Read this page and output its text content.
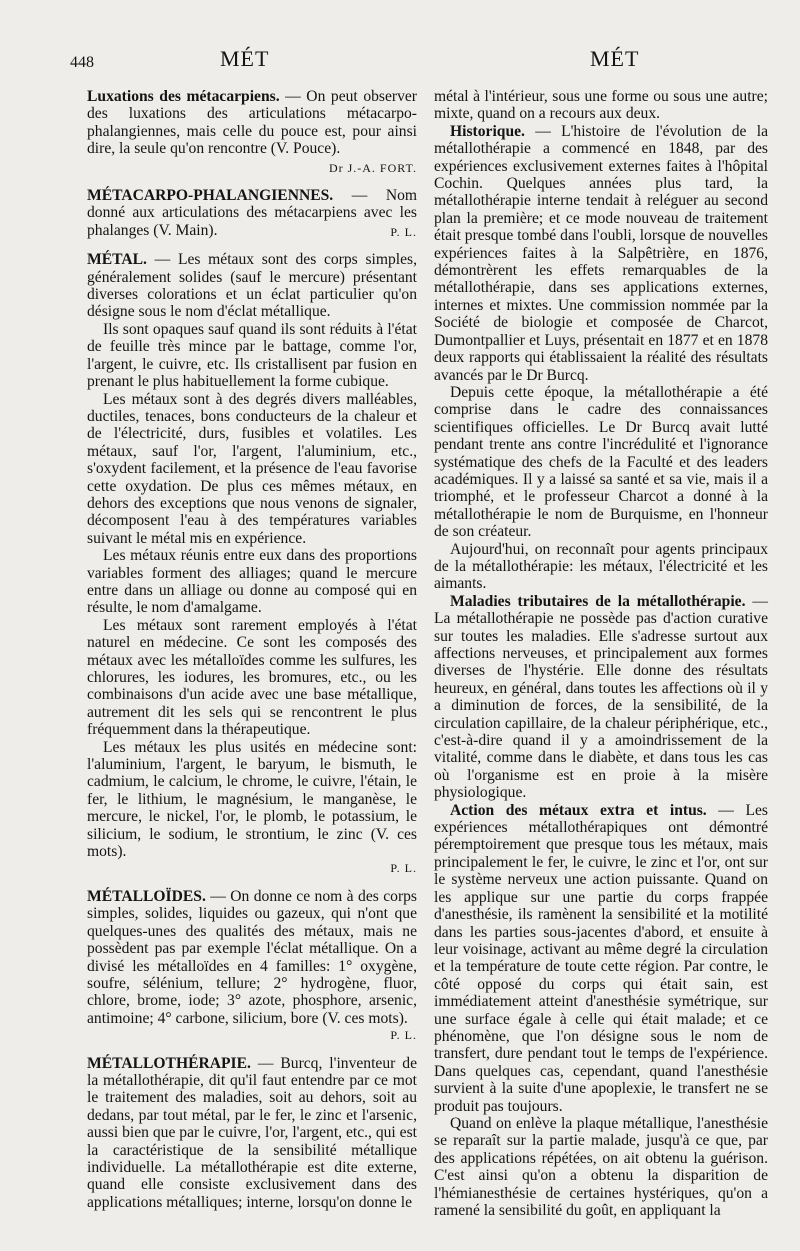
448	MÉT	MÉT

Luxations des métacarpiens. — On peut observer des luxations des articulations métacarpo-phalangiennes, mais celle du pouce est, pour ainsi dire, la seule qu'on rencontre (V. Pouce).
Dr J.-A. FORT.

MÉTACARPO-PHALANGIENNES. — Nom donné aux articulations des métacarpiens avec les phalanges (V. Main).	P. L.

MÉTAL. — Les métaux sont des corps simples, généralement solides (sauf le mercure) présentant diverses colorations et un éclat particulier qu'on désigne sous le nom d'éclat métallique.

Ils sont opaques sauf quand ils sont réduits à l'état de feuille très mince par le battage, comme l'or, l'argent, le cuivre, etc. Ils cristallisent par fusion en prenant le plus habituellement la forme cubique.

Les métaux sont à des degrés divers malléables, ductiles, tenaces, bons conducteurs de la chaleur et de l'électricité, durs, fusibles et volatiles. Les métaux, sauf l'or, l'argent, l'aluminium, etc., s'oxydent facilement, et la présence de l'eau favorise cette oxydation. De plus ces mêmes métaux, en dehors des exceptions que nous venons de signaler, décomposent l'eau à des températures variables suivant le métal mis en expérience.

Les métaux réunis entre eux dans des proportions variables forment des alliages; quand le mercure entre dans un alliage ou donne au composé qui en résulte, le nom d'amalgame.

Les métaux sont rarement employés à l'état naturel en médecine. Ce sont les composés des métaux avec les métalloïdes comme les sulfures, les chlorures, les iodures, les bromures, etc., ou les combinaisons d'un acide avec une base métallique, autrement dit les sels qui se rencontrent le plus fréquemment dans la thérapeutique.

Les métaux les plus usités en médecine sont: l'aluminium, l'argent, le baryum, le bismuth, le cadmium, le calcium, le chrome, le cuivre, l'étain, le fer, le lithium, le magnésium, le manganèse, le mercure, le nickel, l'or, le plomb, le potassium, le silicium, le sodium, le strontium, le zinc (V. ces mots).

P. L.

MÉTALLOÏDES. — On donne ce nom à des corps simples, solides, liquides ou gazeux, qui n'ont que quelques-unes des qualités des métaux, mais ne possèdent pas par exemple l'éclat métallique. On a divisé les métalloïdes en 4 familles: 1° oxygène, soufre, sélénium, tellure; 2° hydrogène, fluor, chlore, brome, iode; 3° azote, phosphore, arsenic, antimoine; 4° carbone, silicium, bore (V. ces mots).

P. L.

MÉTALLOTHÉRAPIE. — Burcq, l'inventeur de la métallothérapie, dit qu'il faut entendre par ce mot le traitement des maladies, soit au dehors, soit au dedans, par tout métal, par le fer, le zinc et l'arsenic, aussi bien que par le cuivre, l'or, l'argent, etc., qui est la caractéristique de la sensibilité métallique individuelle. La métallothérapie est dite externe, quand elle consiste exclusivement dans des applications métalliques; interne, lorsqu'on donne le

métal à l'intérieur, sous une forme ou sous une autre; mixte, quand on a recours aux deux.

Historique. — L'histoire de l'évolution de la métallothérapie a commencé en 1848, par des expériences exclusivement externes faites à l'hôpital Cochin. Quelques années plus tard, la métallothérapie interne tendait à reléguer au second plan la première; et ce mode nouveau de traitement était presque tombé dans l'oubli, lorsque de nouvelles expériences faites à la Salpêtrière, en 1876, démontrèrent les effets remarquables de la métallothérapie, dans ses applications externes, internes et mixtes. Une commission nommée par la Société de biologie et composée de Charcot, Dumontpallier et Luys, présentait en 1877 et en 1878 deux rapports qui établissaient la réalité des résultats avancés par le Dr Burcq.

Depuis cette époque, la métallothérapie a été comprise dans le cadre des connaissances scientifiques officielles. Le Dr Burcq avait lutté pendant trente ans contre l'incrédulité et l'ignorance systématique des chefs de la Faculté et des leaders académiques. Il y a laissé sa santé et sa vie, mais il a triomphé, et le professeur Charcot a donné à la métallothérapie le nom de Burquisme, en l'honneur de son créateur.

Aujourd'hui, on reconnaît pour agents principaux de la métallothérapie: les métaux, l'électricité et les aimants.

Maladies tributaires de la métallothérapie. — La métallothérapie ne possède pas d'action curative sur toutes les maladies. Elle s'adresse surtout aux affections nerveuses, et principalement aux formes diverses de l'hystérie. Elle donne des résultats heureux, en général, dans toutes les affections où il y a diminution de forces, de la sensibilité, de la circulation capillaire, de la chaleur périphérique, etc., c'est-à-dire quand il y a amoindrissement de la vitalité, comme dans le diabète, et dans tous les cas où l'organisme est en proie à la misère physiologique.

Action des métaux extra et intus. — Les expériences métallothérapiques ont démontré péremptoirement que presque tous les métaux, mais principalement le fer, le cuivre, le zinc et l'or, ont sur le système nerveux une action puissante. Quand on les applique sur une partie du corps frappée d'anesthésie, ils ramènent la sensibilité et la motilité dans les parties sous-jacentes d'abord, et ensuite à leur voisinage, activant au même degré la circulation et la température de toute cette région. Par contre, le côté opposé du corps qui était sain, est immédiatement atteint d'anesthésie symétrique, sur une surface égale à celle qui était malade; et ce phénomène, que l'on désigne sous le nom de transfert, dure pendant tout le temps de l'expérience. Dans quelques cas, cependant, quand l'anesthésie survient à la suite d'une apoplexie, le transfert ne se produit pas toujours.

Quand on enlève la plaque métallique, l'anesthésie se reparaît sur la partie malade, jusqu'à ce que, par des applications répétées, on ait obtenu la guérison. C'est ainsi qu'on a obtenu la disparition de l'hémianesthésie de certaines hystériques, qu'on a ramené la sensibilité du goût, en appliquant la
